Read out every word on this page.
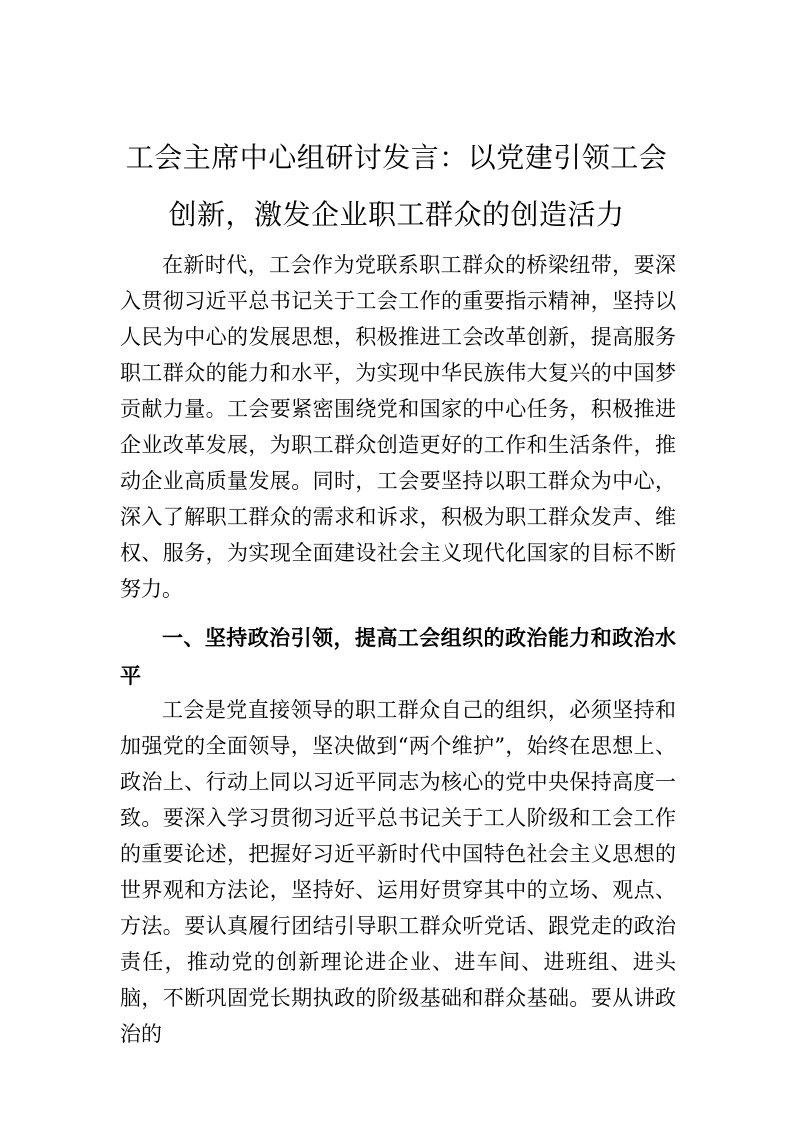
工会主席中心组研讨发言：以党建引领工会
创新，激发企业职工群众的创造活力

在新时代，工会作为党联系职工群众的桥梁纽带，要深入贯彻习近平总书记关于工会工作的重要指示精神，坚持以人民为中心的发展思想，积极推进工会改革创新，提高服务职工群众的能力和水平，为实现中华民族伟大复兴的中国梦贡献力量。工会要紧密围绕党和国家的中心任务，积极推进企业改革发展，为职工群众创造更好的工作和生活条件，推动企业高质量发展。同时，工会要坚持以职工群众为中心，深入了解职工群众的需求和诉求，积极为职工群众发声、维权、服务，为实现全面建设社会主义现代化国家的目标不断努力。

一、坚持政治引领，提高工会组织的政治能力和政治水平

工会是党直接领导的职工群众自己的组织，必须坚持和加强党的全面领导，坚决做到“两个维护”，始终在思想上、政治上、行动上同以习近平同志为核心的党中央保持高度一致。要深入学习贯彻习近平总书记关于工人阶级和工会工作的重要论述，把握好习近平新时代中国特色社会主义思想的世界观和方法论，坚持好、运用好贯穿其中的立场、观点、方法。要认真履行团结引导职工群众听党话、跟党走的政治责任，推动党的创新理论进企业、进车间、进班组、进头脑，不断巩固党长期执政的阶级基础和群众基础。要从讲政治的
